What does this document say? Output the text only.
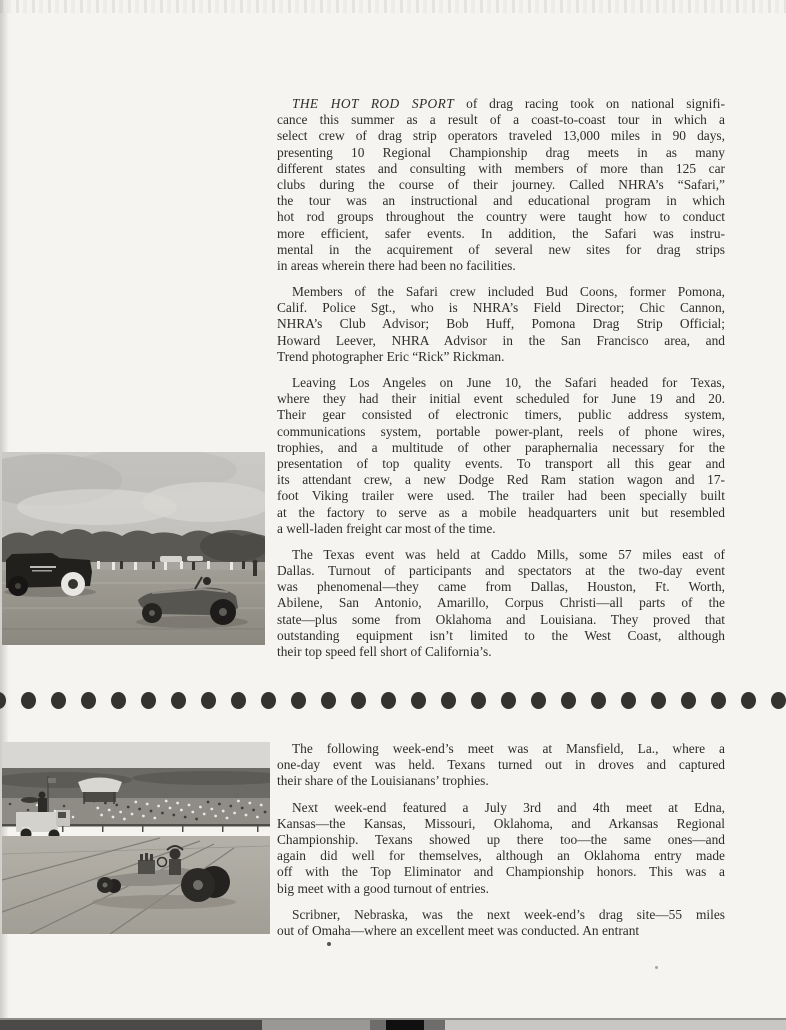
THE HOT ROD SPORT of drag racing took on national signifi-
cance this summer as a result of a coast-to-coast tour in which a
select crew of drag strip operators traveled 13,000 miles in 90 days,
presenting 10 Regional Championship drag meets in as many
different states and consulting with members of more than 125 car
clubs during the course of their journey. Called NHRA’s “Safari,”
the tour was an instructional and educational program in which
hot rod groups throughout the country were taught how to conduct
more efficient, safer events. In addition, the Safari was instru-
mental in the acquirement of several new sites for drag strips
in areas wherein there had been no facilities.
Members of the Safari crew included Bud Coons, former Pomona,
Calif. Police Sgt., who is NHRA’s Field Director; Chic Cannon,
NHRA’s Club Advisor; Bob Huff, Pomona Drag Strip Official;
Howard Leever, NHRA Advisor in the San Francisco area, and
Trend photographer Eric “Rick” Rickman.
Leaving Los Angeles on June 10, the Safari headed for Texas,
where they had their initial event scheduled for June 19 and 20.
Their gear consisted of electronic timers, public address system,
communications system, portable power-plant, reels of phone wires,
trophies, and a multitude of other paraphernalia necessary for the
presentation of top quality events. To transport all this gear and
its attendant crew, a new Dodge Red Ram station wagon and 17-
foot Viking trailer were used. The trailer had been specially built
at the factory to serve as a mobile headquarters unit but resembled
a well-laden freight car most of the time.
The Texas event was held at Caddo Mills, some 57 miles east of
Dallas. Turnout of participants and spectators at the two-day event
was phenomenal—they came from Dallas, Houston, Ft. Worth,
Abilene, San Antonio, Amarillo, Corpus Christi—all parts of the
state—plus some from Oklahoma and Louisiana. They proved that
outstanding equipment isn’t limited to the West Coast, although
their top speed fell short of California’s.
The following week-end’s meet was at Mansfield, La., where a
one-day event was held. Texans turned out in droves and captured
their share of the Louisianans’ trophies.
Next week-end featured a July 3rd and 4th meet at Edna,
Kansas—the Kansas, Missouri, Oklahoma, and Arkansas Regional
Championship. Texans showed up there too—the same ones—and
again did well for themselves, although an Oklahoma entry made
off with the Top Eliminator and Championship honors. This was a
big meet with a good turnout of entries.
Scribner, Nebraska, was the next week-end’s drag site—55 miles
out of Omaha—where an excellent meet was conducted. An entrant
